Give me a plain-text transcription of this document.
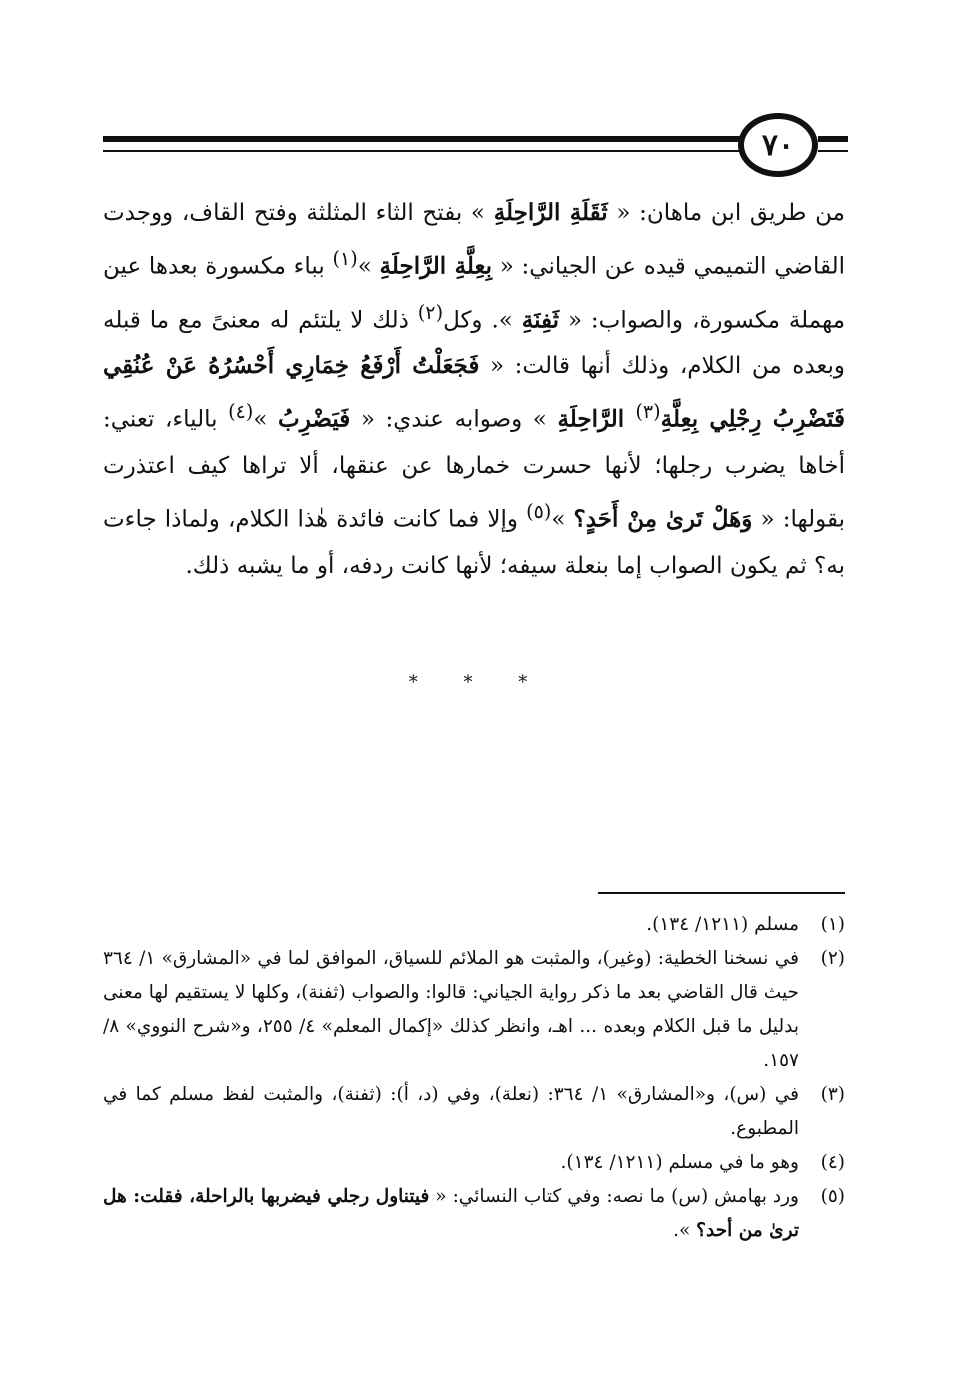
٧٠

من طريق ابن ماهان: « ثَقَلَةِ الرَّاحِلَةِ » بفتح الثاء المثلثة وفتح القاف، ووجدت القاضي التميمي قيده عن الجياني: « بِعِلَّةِ الرَّاحِلَةِ »$^{(١)}$ بباء مكسورة بعدها عين مهملة مكسورة، والصواب: « ثَفِنَةِ ». وكل$^{(٢)}$ ذلك لا يلتئم له معنىً مع ما قبله وبعده من الكلام، وذلك أنها قالت: « فَجَعَلْتُ أَرْفَعُ خِمَارِي أَحْسُرُهُ عَنْ عُنُقِي فَتَضْرِبُ رِجْلِي بِعِلَّةِ$^{(٣)}$ الرَّاحِلَةِ » وصوابه عندي: « فَيَضْرِبُ »$^{(٤)}$ بالياء، تعني: أخاها يضرب رجلها؛ لأنها حسرت خمارها عن عنقها، ألا تراها كيف اعتذرت بقولها: « وَهَلْ تَرىٰ مِنْ أَحَدٍ؟ »$^{(٥)}$ وإلا فما كانت فائدة هٰذا الكلام، ولماذا جاءت به؟ ثم يكون الصواب إما بنعلة سيفه؛ لأنها كانت ردفه، أو ما يشبه ذلك.

* * *
(١)
مسلم (١٢١١/ ١٣٤).
(٢)
في نسخنا الخطية: (وغير)، والمثبت هو الملائم للسياق، الموافق لما في «المشارق» ١/ ٣٦٤ حيث قال القاضي بعد ما ذكر رواية الجياني: قالوا: والصواب (ثفنة)، وكلها لا يستقيم لها معنى بدليل ما قبل الكلام وبعده ... اهـ، وانظر كذلك «إكمال المعلم» ٤/ ٢٥٥، و«شرح النووي» ٨/ ١٥٧.
(٣)
في (س)، و«المشارق» ١/ ٣٦٤: (نعلة)، وفي (د، أ): (ثفنة)، والمثبت لفظ مسلم كما في المطبوع.
(٤)
وهو ما في مسلم (١٢١١/ ١٣٤).
(٥)
ورد بهامش (س) ما نصه: وفي كتاب النسائي: « فيتناول رجلي فيضربها بالراحلة، فقلت: هل ترىٰ من أحد؟ ».
